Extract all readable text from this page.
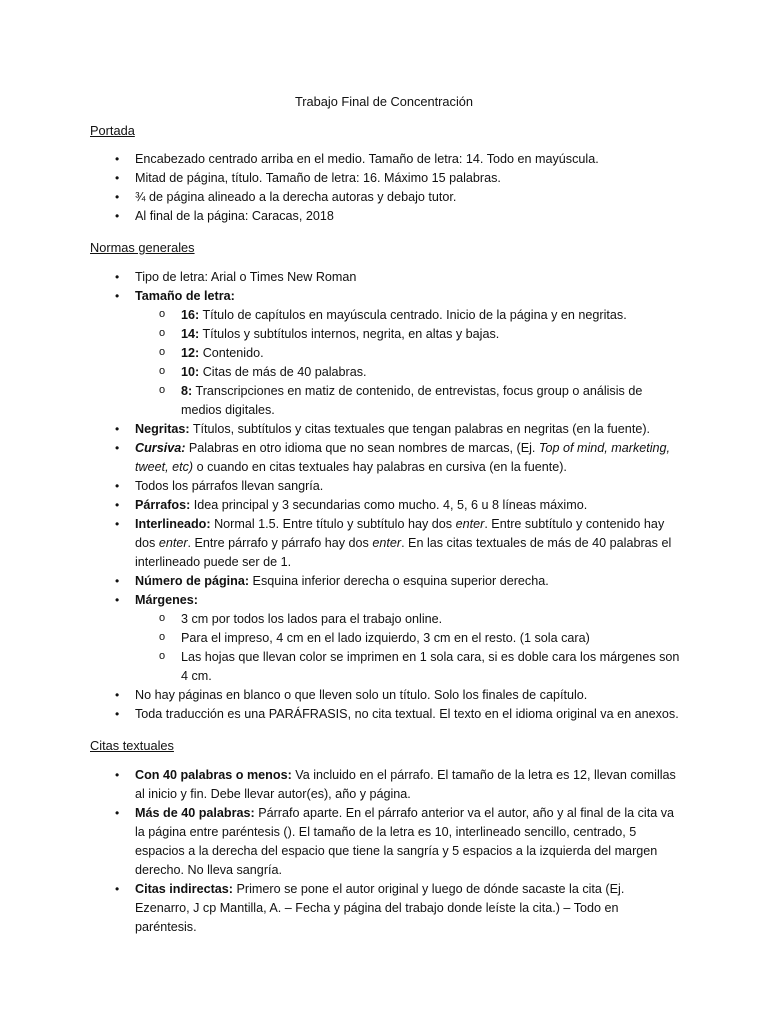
Trabajo Final de Concentración
Portada
• Encabezado centrado arriba en el medio. Tamaño de letra: 14. Todo en mayúscula.
• Mitad de página, título. Tamaño de letra: 16. Máximo 15 palabras.
• ¾ de página alineado a la derecha autoras y debajo tutor.
• Al final de la página: Caracas, 2018
Normas generales
• Tipo de letra: Arial o Times New Roman
• Tamaño de letra:
o 16: Título de capítulos en mayúscula centrado. Inicio de la página y en negritas.
o 14: Títulos y subtítulos internos, negrita, en altas y bajas.
o 12: Contenido.
o 10: Citas de más de 40 palabras.
o 8: Transcripciones en matiz de contenido, de entrevistas, focus group o análisis de medios digitales.
• Negritas: Títulos, subtítulos y citas textuales que tengan palabras en negritas (en la fuente).
• Cursiva: Palabras en otro idioma que no sean nombres de marcas, (Ej. Top of mind, marketing, tweet, etc) o cuando en citas textuales hay palabras en cursiva (en la fuente).
• Todos los párrafos llevan sangría.
• Párrafos: Idea principal y 3 secundarias como mucho. 4, 5, 6 u 8 líneas máximo.
• Interlineado: Normal 1.5. Entre título y subtítulo hay dos enter. Entre subtítulo y contenido hay dos enter. Entre párrafo y párrafo hay dos enter. En las citas textuales de más de 40 palabras el interlineado puede ser de 1.
• Número de página: Esquina inferior derecha o esquina superior derecha.
• Márgenes:
o 3 cm por todos los lados para el trabajo online.
o Para el impreso, 4 cm en el lado izquierdo, 3 cm en el resto. (1 sola cara)
o Las hojas que llevan color se imprimen en 1 sola cara, si es doble cara los márgenes son 4 cm.
• No hay páginas en blanco o que lleven solo un título. Solo los finales de capítulo.
• Toda traducción es una PARÁFRASIS, no cita textual. El texto en el idioma original va en anexos.
Citas textuales
• Con 40 palabras o menos: Va incluido en el párrafo. El tamaño de la letra es 12, llevan comillas al inicio y fin. Debe llevar autor(es), año y página.
• Más de 40 palabras: Párrafo aparte. En el párrafo anterior va el autor, año y al final de la cita va la página entre paréntesis (). El tamaño de la letra es 10, interlineado sencillo, centrado, 5 espacios a la derecha del espacio que tiene la sangría y 5 espacios a la izquierda del margen derecho. No lleva sangría.
• Citas indirectas: Primero se pone el autor original y luego de dónde sacaste la cita (Ej. Ezenarro, J cp Mantilla, A. – Fecha y página del trabajo donde leíste la cita.) – Todo en paréntesis.
